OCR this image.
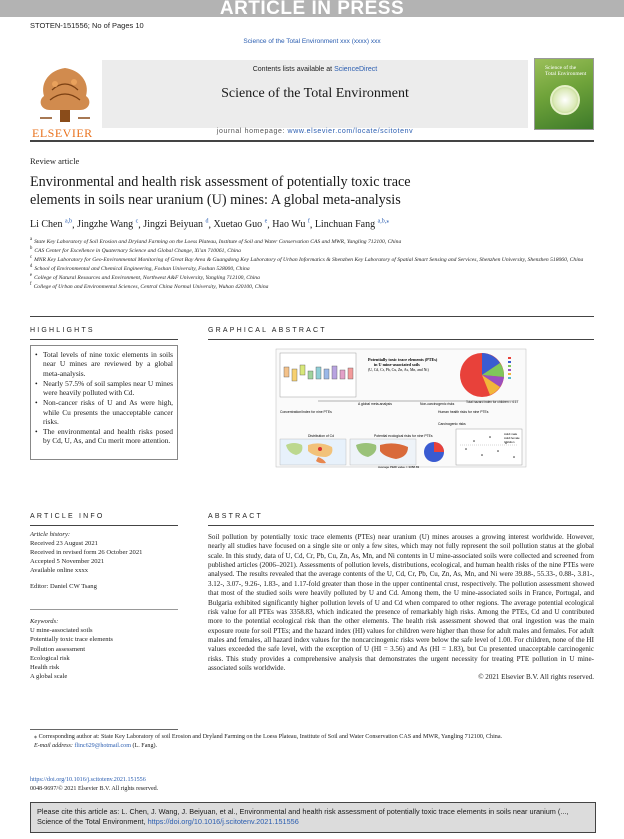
ARTICLE IN PRESS
STOTEN-151556; No of Pages 10
Science of the Total Environment xxx (xxxx) xxx
ELSEVIER
Contents lists available at ScienceDirect
Science of the Total Environment
journal homepage: www.elsevier.com/locate/scitotenv
Science of the
Total Environment
Review article
Environmental and health risk assessment of potentially toxic trace
elements in soils near uranium (U) mines: A global meta-analysis
Li Chen $^{a,b}$, Jingzhe Wang $^c$, Jingzi Beiyuan $^d$, Xuetao Guo $^e$, Hao Wu $^f$, Linchuan Fang $^{a,b,⁎}$
$^a$ State Key Laboratory of Soil Erosion and Dryland Farming on the Loess Plateau, Institute of Soil and Water Conservation CAS and MWR, Yangling 712100, China
$^b$ CAS Center for Excellence in Quaternary Science and Global Change, Xi'an 710061, China
$^c$ MNR Key Laboratory for Geo-Environmental Monitoring of Great Bay Area & Guangdong Key Laboratory of Urban Informatics & Shenzhen Key Laboratory of Spatial Smart Sensing and Services, Shenzhen University, Shenzhen 518060, China
$^d$ School of Environmental and Chemical Engineering, Foshan University, Foshan 528000, China
$^e$ College of Natural Resources and Environment, Northwest A&F University, Yangling 712100, China
$^f$ College of Urban and Environmental Sciences, Central China Normal University, Wuhan 420100, China
HIGHLIGHTS	GRAPHICAL ABSTRACT
• Total levels of nine toxic elements in soils near U mines are reviewed by a global meta-analysis.
• Nearly 57.5% of soil samples near U mines were heavily polluted with Cd.
• Non-cancer risks of U and As were high, while Cu presents the unacceptable cancer risks.
• The environmental and health risks posed by Cd, U, As, and Cu merit more attention.
Potentially toxic trace elements (PTEs)
in U mine-associated soils
(U, Cd, Cr, Pb, Cu, Zn, As, Mn, and Ni)
Total hazard index for children = 4.17
A global meta-analysis	Non-carcinogenic risks
Concentration/Index for nine PTEs	Human health risks for nine PTEs
Carcinogenic risks
Distribution of Cd	Potential ecological risks for nine PTEs
Average PERI value = 3358.83
Adult male
Adult female
Children
ARTICLE INFO	ABSTRACT
Article history:
Received 23 August 2021
Received in revised form 26 October 2021
Accepted 5 November 2021
Available online xxxx
Editor: Daniel CW Tsang
Keywords:
U mine-associated soils
Potentially toxic trace elements
Pollution assessment
Ecological risk
Health risk
A global scale
Soil pollution by potentially toxic trace elements (PTEs) near uranium (U) mines arouses a growing interest worldwide. However, nearly all studies have focused on a single site or only a few sites, which may not fully represent the soil pollution status at the global scale. In this study, data of U, Cd, Cr, Pb, Cu, Zn, As, Mn, and Ni contents in U mine-associated soils were collected and screened from published articles (2006–2021). Assessments of pollution levels, distributions, ecological, and human health risks of the nine PTEs were analysed. The results revealed that the average contents of the U, Cd, Cr, Pb, Cu, Zn, As, Mn, and Ni were 39.88-, 55.33-, 0.88-, 3.81-, 3.12-, 3.07-, 9.26-, 1.83-, and 1.17-fold greater than those in the upper continental crust, respectively. The pollution assessment showed that most of the studied soils were heavily polluted by U and Cd. Among them, the U mine-associated soils in France, Portugal, and Bulgaria exhibited significantly higher pollution levels of U and Cd when compared to other regions. The average potential ecological risk value for all PTEs was 3358.83, which indicated the presence of remarkably high risks. Among the PTEs, Cd and U contributed more to the potential ecological risk than the other elements. The health risk assessment showed that oral ingestion was the main exposure route for soil PTEs; and the hazard index (HI) values for children were higher than those for adult males and females. For adult males and females, all hazard index values for the noncarcinogenic risks were below the safe level of 1.00. For children, none of the HI values exceeded the safe level, with the exception of U (HI = 3.56) and As (HI = 1.83), but Cu presented unacceptable carcinogenic risks. This study provides a comprehensive analysis that demonstrates the urgent necessity for treating PTE pollution in U mine-associated soils worldwide.
© 2021 Elsevier B.V. All rights reserved.
⁎ Corresponding author at: State Key Laboratory of soil Erosion and Dryland Farming on the Loess Plateau, Institute of Soil and Water Conservation CAS and MWR, Yangling 712100, China.
E-mail address: flinc629@hotmail.com (L. Fang).
https://doi.org/10.1016/j.scitotenv.2021.151556
0048-9697/© 2021 Elsevier B.V. All rights reserved.
Please cite this article as: L. Chen, J. Wang, J. Beiyuan, et al., Environmental and health risk assessment of potentially toxic trace elements in soils near uranium (..., Science of the Total Environment, https://doi.org/10.1016/j.scitotenv.2021.151556
